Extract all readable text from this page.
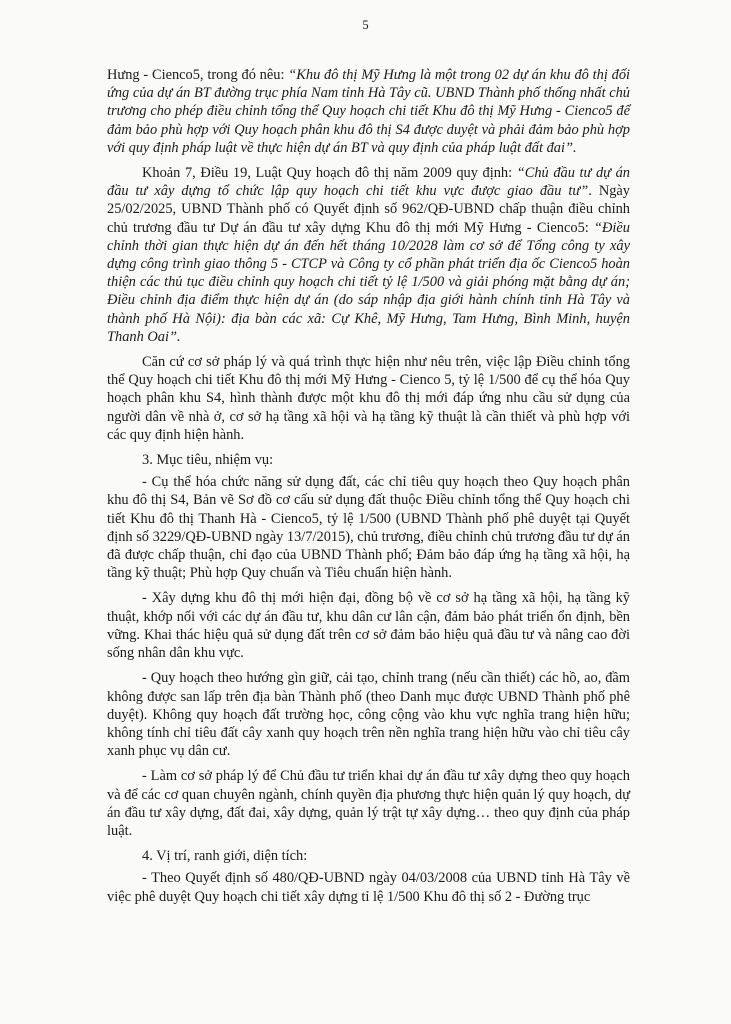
5

Hưng - Cienco5, trong đó nêu: “Khu đô thị Mỹ Hưng là một trong 02 dự án khu đô thị đối ứng của dự án BT đường trục phía Nam tỉnh Hà Tây cũ. UBND Thành phố thống nhất chủ trương cho phép điều chỉnh tổng thể Quy hoạch chi tiết Khu đô thị Mỹ Hưng - Cienco5 để đảm bảo phù hợp với Quy hoạch phân khu đô thị S4 được duyệt và phải đảm bảo phù hợp với quy định pháp luật về thực hiện dự án BT và quy định của pháp luật đất đai”.

Khoản 7, Điều 19, Luật Quy hoạch đô thị năm 2009 quy định: “Chủ đầu tư dự án đầu tư xây dựng tổ chức lập quy hoạch chi tiết khu vực được giao đầu tư”. Ngày 25/02/2025, UBND Thành phố có Quyết định số 962/QĐ-UBND chấp thuận điều chỉnh chủ trương đầu tư Dự án đầu tư xây dựng Khu đô thị mới Mỹ Hưng - Cienco5: “Điều chỉnh thời gian thực hiện dự án đến hết tháng 10/2028 làm cơ sở để Tổng công ty xây dựng công trình giao thông 5 - CTCP và Công ty cổ phần phát triển địa ốc Cienco5 hoàn thiện các thủ tục điều chỉnh quy hoạch chi tiết tỷ lệ 1/500 và giải phóng mặt bằng dự án; Điều chỉnh địa điểm thực hiện dự án (do sáp nhập địa giới hành chính tỉnh Hà Tây và thành phố Hà Nội): địa bàn các xã: Cự Khê, Mỹ Hưng, Tam Hưng, Bình Minh, huyện Thanh Oai”.

Căn cứ cơ sở pháp lý và quá trình thực hiện như nêu trên, việc lập Điều chỉnh tổng thể Quy hoạch chi tiết Khu đô thị mới Mỹ Hưng - Cienco 5, tỷ lệ 1/500 để cụ thể hóa Quy hoạch phân khu S4, hình thành được một khu đô thị mới đáp ứng nhu cầu sử dụng của người dân về nhà ở, cơ sở hạ tầng xã hội và hạ tầng kỹ thuật là cần thiết và phù hợp với các quy định hiện hành.

3. Mục tiêu, nhiệm vụ:

- Cụ thể hóa chức năng sử dụng đất, các chỉ tiêu quy hoạch theo Quy hoạch phân khu đô thị S4, Bản vẽ Sơ đồ cơ cấu sử dụng đất thuộc Điều chỉnh tổng thể Quy hoạch chi tiết Khu đô thị Thanh Hà - Cienco5, tỷ lệ 1/500 (UBND Thành phố phê duyệt tại Quyết định số 3229/QĐ-UBND ngày 13/7/2015), chủ trương, điều chỉnh chủ trương đầu tư dự án đã được chấp thuận, chỉ đạo của UBND Thành phố; Đảm bảo đáp ứng hạ tầng xã hội, hạ tầng kỹ thuật; Phù hợp Quy chuẩn và Tiêu chuẩn hiện hành.

- Xây dựng khu đô thị mới hiện đại, đồng bộ về cơ sở hạ tầng xã hội, hạ tầng kỹ thuật, khớp nối với các dự án đầu tư, khu dân cư lân cận, đảm bảo phát triển ổn định, bền vững. Khai thác hiệu quả sử dụng đất trên cơ sở đảm bảo hiệu quả đầu tư và nâng cao đời sống nhân dân khu vực.

- Quy hoạch theo hướng gìn giữ, cải tạo, chỉnh trang (nếu cần thiết) các hồ, ao, đầm không được san lấp trên địa bàn Thành phố (theo Danh mục được UBND Thành phố phê duyệt). Không quy hoạch đất trường học, công cộng vào khu vực nghĩa trang hiện hữu; không tính chỉ tiêu đất cây xanh quy hoạch trên nền nghĩa trang hiện hữu vào chỉ tiêu cây xanh phục vụ dân cư.

- Làm cơ sở pháp lý để Chủ đầu tư triển khai dự án đầu tư xây dựng theo quy hoạch và để các cơ quan chuyên ngành, chính quyền địa phương thực hiện quản lý quy hoạch, dự án đầu tư xây dựng, đất đai, xây dựng, quản lý trật tự xây dựng… theo quy định của pháp luật.

4. Vị trí, ranh giới, diện tích:

- Theo Quyết định số 480/QĐ-UBND ngày 04/03/2008 của UBND tỉnh Hà Tây về việc phê duyệt Quy hoạch chi tiết xây dựng tỉ lệ 1/500 Khu đô thị số 2 - Đường trục
